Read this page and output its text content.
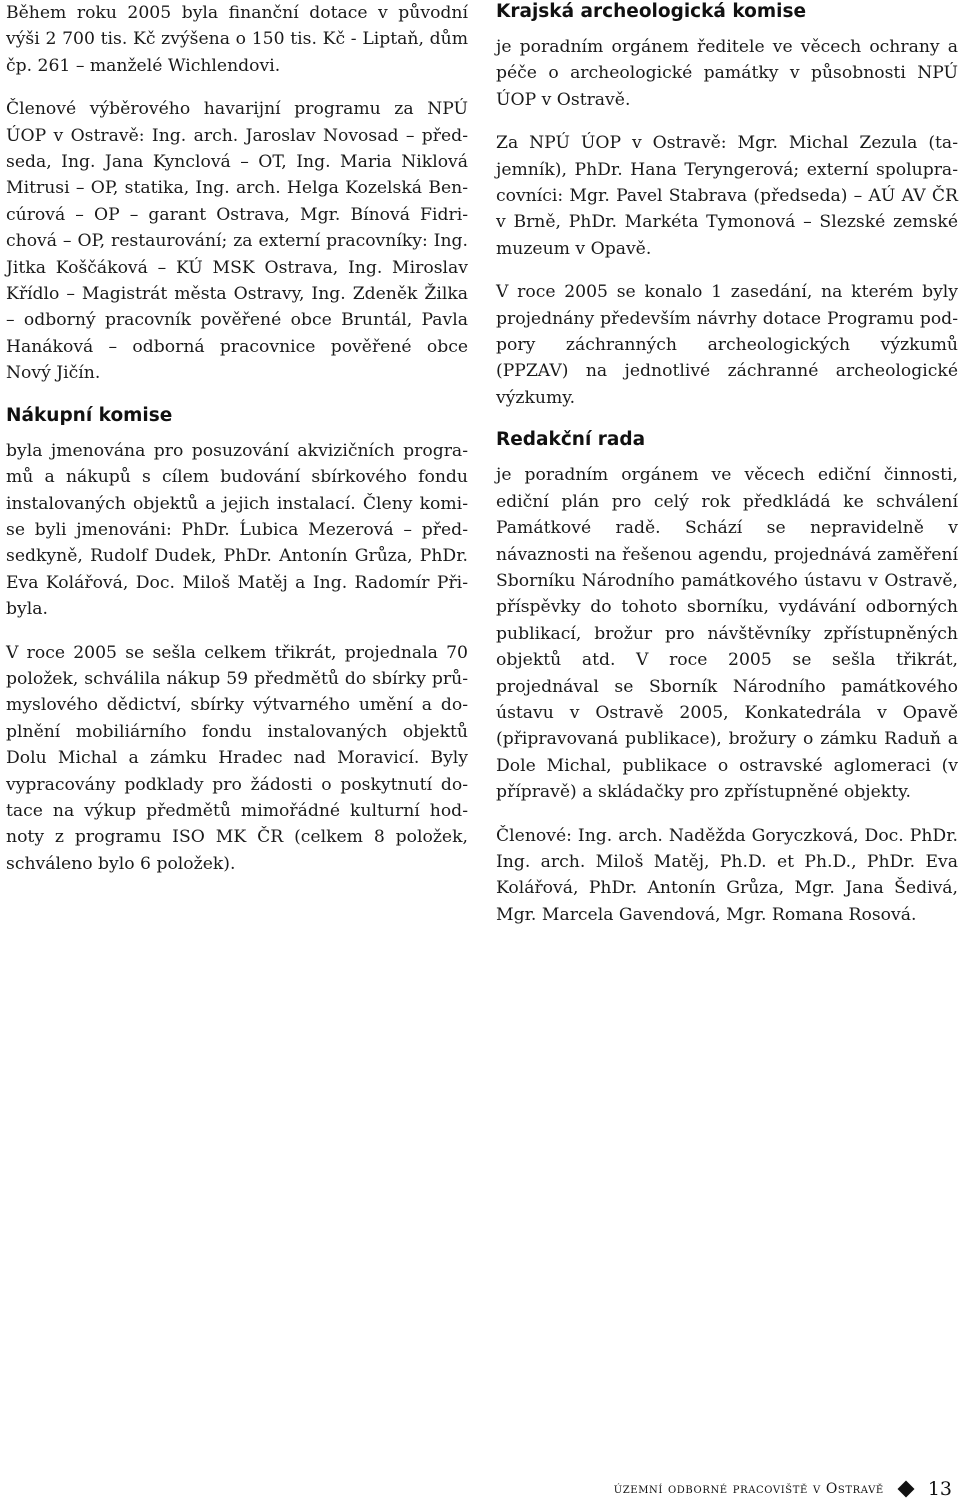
Během roku 2005 byla finanční dotace v původní výši 2 700 tis. Kč zvýšena o 150 tis. Kč - Liptaň, dům čp. 261 – manželé Wichlendovi.

Členové výběrového havarijní programu za NPÚ ÚOP v Ostravě: Ing. arch. Jaroslav Novosad – předseda, Ing. Jana Kynclová – OT, Ing. Maria Niklová Mitrusi – OP, statika, Ing. arch. Helga Kozelská Bencúrová – OP – garant Ostrava, Mgr. Bínová Fidrichová – OP, restaurování; za externí pracovníky: Ing. Jitka Koščáková – KÚ MSK Ostrava, Ing. Miroslav Křídlo – Magistrát města Ostravy, Ing. Zdeněk Žilka – odborný pracovník pověřené obce Bruntál, Pavla Hanáková – odborná pracovnice pověřené obce Nový Jičín.

Nákupní komise

byla jmenována pro posuzování akvizičních programů a nákupů s cílem budování sbírkového fondu instalovaných objektů a jejich instalací. Členy komise byli jmenováni: PhDr. Ĺubica Mezerová – předsedkyně, Rudolf Dudek, PhDr. Antonín Grůza, PhDr. Eva Kolářová, Doc. Miloš Matěj a Ing. Radomír Přibyla.

V roce 2005 se sešla celkem třikrát, projednala 70 položek, schválila nákup 59 předmětů do sbírky průmyslového dědictví, sbírky výtvarného umění a doplnění mobiliárního fondu instalovaných objektů Dolu Michal a zámku Hradec nad Moravicí. Byly vypracovány podklady pro žádosti o poskytnutí dotace na výkup předmětů mimořádné kulturní hodnoty z programu ISO MK ČR (celkem 8 položek, schváleno bylo 6 položek).

Krajská archeologická komise

je poradním orgánem ředitele ve věcech ochrany a péče o archeologické památky v působnosti NPÚ ÚOP v Ostravě.

Za NPÚ ÚOP v Ostravě: Mgr. Michal Zezula (tajemník), PhDr. Hana Teryngerová; externí spolupracovníci: Mgr. Pavel Stabrava (předseda) – AÚ AV ČR v Brně, PhDr. Markéta Tymonová – Slezské zemské muzeum v Opavě.

V roce 2005 se konalo 1 zasedání, na kterém byly projednány především návrhy dotace Programu podpory záchranných archeologických výzkumů (PPZAV) na jednotlivé záchranné archeologické výzkumy.

Redakční rada

je poradním orgánem ve věcech ediční činnosti, ediční plán pro celý rok předkládá ke schválení Památkové radě. Schází se nepravidelně v návaznosti na řešenou agendu, projednává zaměření Sborníku Národního památkového ústavu v Ostravě, příspěvky do tohoto sborníku, vydávání odborných publikací, brožur pro návštěvníky zpřístupněných objektů atd. V roce 2005 se sešla třikrát, projednával se Sborník Národního památkového ústavu v Ostravě 2005, Konkatedrála v Opavě (připravovaná publikace), brožury o zámku Raduň a Dole Michal, publikace o ostravské aglomeraci (v přípravě) a skládačky pro zpřístupněné objekty.

Členové: Ing. arch. Naděžda Goryczková, Doc. PhDr. Ing. arch. Miloš Matěj, Ph.D. et Ph.D., PhDr. Eva Kolářová, PhDr. Antonín Grůza, Mgr. Jana Šedivá, Mgr. Marcela Gavendová, Mgr. Romana Rosová.

územní odborné pracoviště v Ostravě 13
